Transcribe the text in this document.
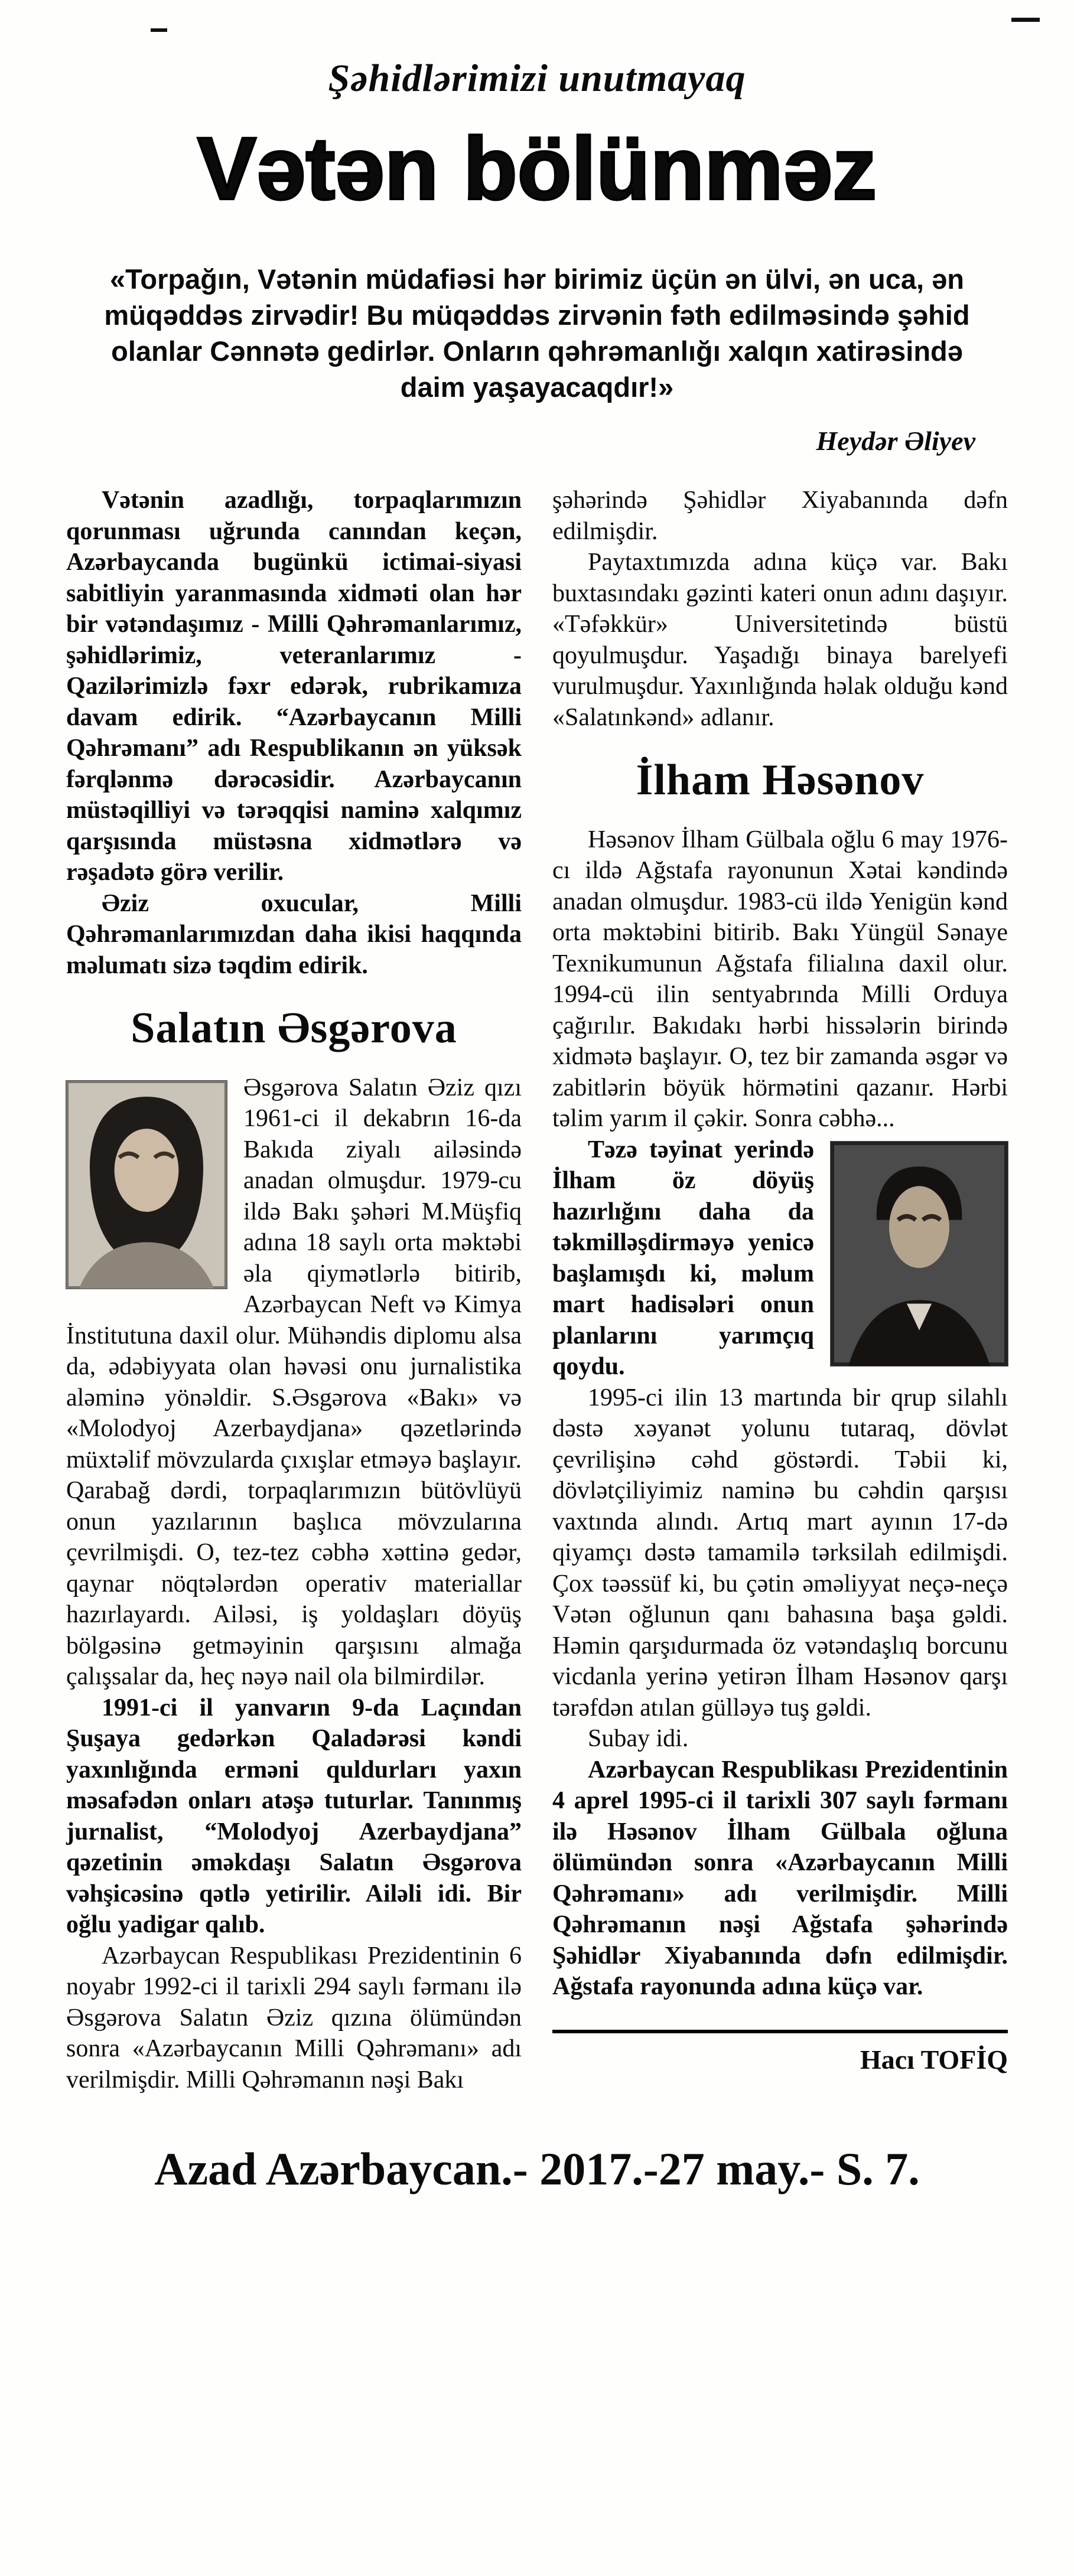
Şəhidlərimizi unutmayaq
Vətən bölünməz

«Torpağın, Vətənin müdafiəsi hər birimiz üçün ən ülvi, ən uca, ən müqəddəs zirvədir! Bu müqəddəs zirvənin fəth edilməsində şəhid olanlar Cənnətə gedirlər. Onların qəhrəmanlığı xalqın xatirəsində daim yaşayacaqdır!»

Heydər Əliyev

Vətənin azadlığı, torpaqlarımızın qorunması uğrunda canından keçən, Azərbaycanda bugünkü ictimai-siyasi sabitliyin yaranmasında xidməti olan hər bir vətəndaşımız - Milli Qəhrəmanlarımız, şəhidlərimiz, veteranlarımız - Qazilərimizlə fəxr edərək, rubrikamıza davam edirik. “Azərbaycanın Milli Qəhrəmanı” adı Respublikanın ən yüksək fərqlənmə dərəcəsidir. Azərbaycanın müstəqilliyi və tərəqqisi naminə xalqımız qarşısında müstəsna xidmətlərə və rəşadətə görə verilir.

Əziz oxucular, Milli Qəhrəmanlarımızdan daha ikisi haqqında məlumatı sizə təqdim edirik.

Salatın Əsgərova

Əsgərova Salatın Əziz qızı 1961-ci il dekabrın 16-da Bakıda ziyalı ailəsində anadan olmuşdur. 1979-cu ildə Bakı şəhəri M.Müşfiq adına 18 saylı orta məktəbi əla qiymətlərlə bitirib, Azərbaycan Neft və Kimya İnstitutuna daxil olur. Mühəndis diplomu alsa da, ədəbiyyata olan həvəsi onu jurnalistika aləminə yönəldir. S.Əsgərova «Bakı» və «Molodyoj Azerbaydjana» qəzetlərində müxtəlif mövzularda çıxışlar etməyə başlayır. Qarabağ dərdi, torpaqlarımızın bütövlüyü onun yazılarının başlıca mövzularına çevrilmişdi. O, tez-tez cəbhə xəttinə gedər, qaynar nöqtələrdən operativ materiallar hazırlayardı. Ailəsi, iş yoldaşları döyüş bölgəsinə getməyinin qarşısını almağa çalışsalar da, heç nəyə nail ola bilmirdilər.

1991-ci il yanvarın 9-da Laçından Şuşaya gedərkən Qaladərəsi kəndi yaxınlığında erməni quldurları yaxın məsafədən onları atəşə tuturlar. Tanınmış jurnalist, “Molodyoj Azerbaydjana” qəzetinin əməkdaşı Salatın Əsgərova vəhşicəsinə qətlə yetirilir. Ailəli idi. Bir oğlu yadigar qalıb.

Azərbaycan Respublikası Prezidentinin 6 noyabr 1992-ci il tarixli 294 saylı fərmanı ilə Əsgərova Salatın Əziz qızına ölümündən sonra «Azərbaycanın Milli Qəhrəmanı» adı verilmişdir. Milli Qəhrəmanın nəşi Bakı

şəhərində Şəhidlər Xiyabanında dəfn edilmişdir.

Paytaxtımızda adına küçə var. Bakı buxtasındakı gəzinti kateri onun adını daşıyır. «Təfəkkür» Universitetində büstü qoyulmuşdur. Yaşadığı binaya barelyefi vurulmuşdur. Yaxınlığında həlak olduğu kənd «Salatınkənd» adlanır.

İlham Həsənov

Həsənov İlham Gülbala oğlu 6 may 1976-cı ildə Ağstafa rayonunun Xətai kəndində anadan olmuşdur. 1983-cü ildə Yenigün kənd orta məktəbini bitirib. Bakı Yüngül Sənaye Texnikumunun Ağstafa filialına daxil olur. 1994-cü ilin sentyabrında Milli Orduya çağırılır. Bakıdakı hərbi hissələrin birində xidmətə başlayır. O, tez bir zamanda əsgər və zabitlərin böyük hörmətini qazanır. Hərbi təlim yarım il çəkir. Sonra cəbhə...

Təzə təyinat yerində İlham öz döyüş hazırlığını daha da təkmilləşdirməyə yenicə başlamışdı ki, məlum mart hadisələri onun planlarını yarımçıq qoydu.

1995-ci ilin 13 martında bir qrup silahlı dəstə xəyanət yolunu tutaraq, dövlət çevrilişinə cəhd göstərdi. Təbii ki, dövlətçiliyimiz naminə bu cəhdin qarşısı vaxtında alındı. Artıq mart ayının 17-də qiyamçı dəstə tamamilə tərksilah edilmişdi. Çox təəssüf ki, bu çətin əməliyyat neçə-neçə Vətən oğlunun qanı bahasına başa gəldi. Həmin qarşıdurmada öz vətəndaşlıq borcunu vicdanla yerinə yetirən İlham Həsənov qarşı tərəfdən atılan gülləyə tuş gəldi.

Subay idi.

Azərbaycan Respublikası Prezidentinin 4 aprel 1995-ci il tarixli 307 saylı fərmanı ilə Həsənov İlham Gülbala oğluna ölümündən sonra «Azərbaycanın Milli Qəhrəmanı» adı verilmişdir. Milli Qəhrəmanın nəşi Ağstafa şəhərində Şəhidlər Xiyabanında dəfn edilmişdir. Ağstafa rayonunda adına küçə var.

Hacı TOFİQ
Azad Azərbaycan.- 2017.-27 may.- S. 7.
